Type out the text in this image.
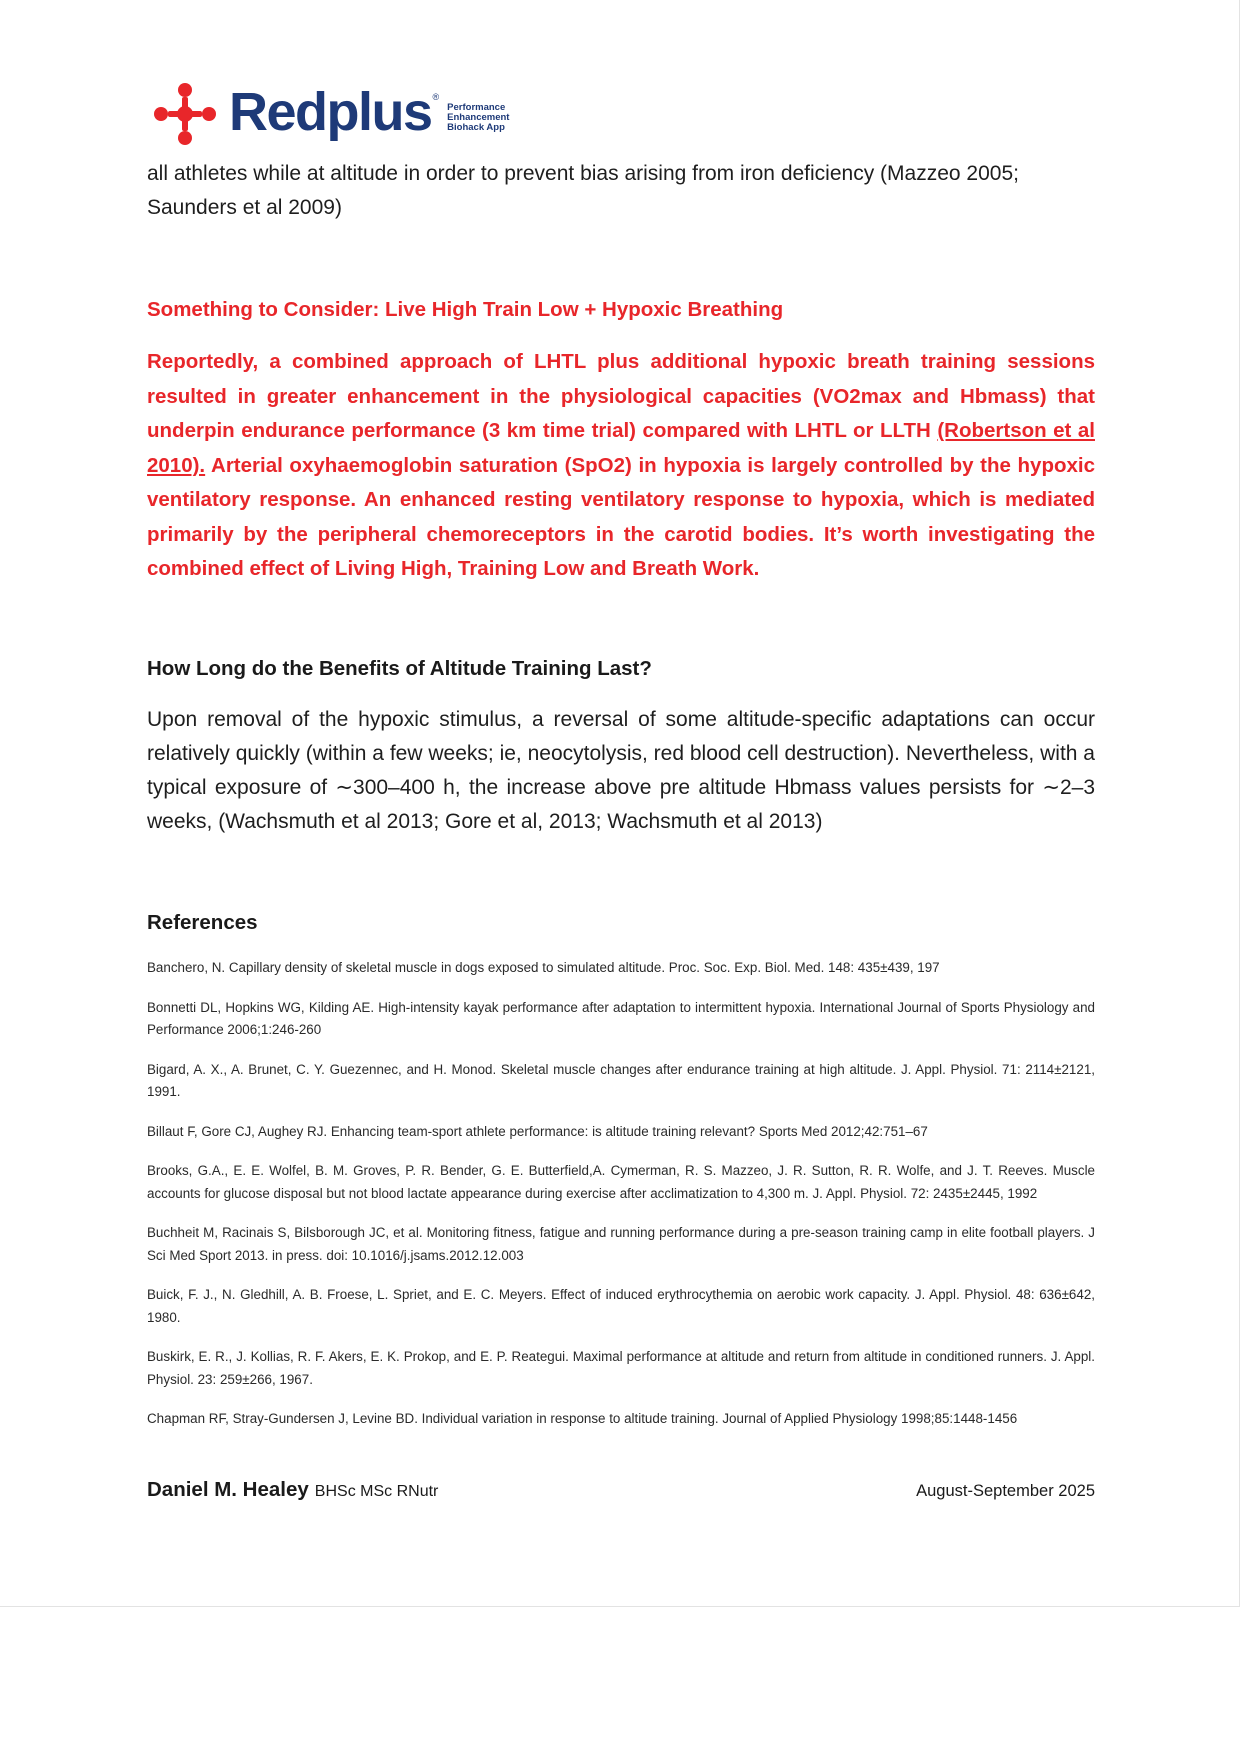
Redplus ®
Performance
Enhancement
Biohack App

all athletes while at altitude in order to prevent bias arising from iron deficiency (Mazzeo 2005; Saunders et al 2009)

Something to Consider: Live High Train Low + Hypoxic Breathing

Reportedly, a combined approach of LHTL plus additional hypoxic breath training sessions resulted in greater enhancement in the physiological capacities (VO2max and Hbmass) that underpin endurance performance (3 km time trial) compared with LHTL or LLTH (Robertson et al 2010). Arterial oxyhaemoglobin saturation (SpO2) in hypoxia is largely controlled by the hypoxic ventilatory response. An enhanced resting ventilatory response to hypoxia, which is mediated primarily by the peripheral chemoreceptors in the carotid bodies. It’s worth investigating the combined effect of Living High, Training Low and Breath Work.

How Long do the Benefits of Altitude Training Last?

Upon removal of the hypoxic stimulus, a reversal of some altitude-specific adaptations can occur relatively quickly (within a few weeks; ie, neocytolysis, red blood cell destruction). Nevertheless, with a typical exposure of ∼300–400 h, the increase above pre altitude Hbmass values persists for ∼2–3 weeks, (Wachsmuth et al 2013; Gore et al, 2013; Wachsmuth et al 2013)

References

Banchero, N. Capillary density of skeletal muscle in dogs exposed to simulated altitude. Proc. Soc. Exp. Biol. Med. 148: 435±439, 197

Bonnetti DL, Hopkins WG, Kilding AE. High-intensity kayak performance after adaptation to intermittent hypoxia. International Journal of Sports Physiology and Performance 2006;1:246-260

Bigard, A. X., A. Brunet, C. Y. Guezennec, and H. Monod. Skeletal muscle changes after endurance training at high altitude. J. Appl. Physiol. 71: 2114±2121, 1991.

Billaut F, Gore CJ, Aughey RJ. Enhancing team-sport athlete performance: is altitude training relevant? Sports Med 2012;42:751–67

Brooks, G.A., E. E. Wolfel, B. M. Groves, P. R. Bender, G. E. Butterfield,A. Cymerman, R. S. Mazzeo, J. R. Sutton, R. R. Wolfe, and J. T. Reeves. Muscle accounts for glucose disposal but not blood lactate appearance during exercise after acclimatization to 4,300 m. J. Appl. Physiol. 72: 2435±2445, 1992

Buchheit M, Racinais S, Bilsborough JC, et al. Monitoring fitness, fatigue and running performance during a pre-season training camp in elite football players. J Sci Med Sport 2013. in press. doi: 10.1016/j.jsams.2012.12.003

Buick, F. J., N. Gledhill, A. B. Froese, L. Spriet, and E. C. Meyers. Effect of induced erythrocythemia on aerobic work capacity. J. Appl. Physiol. 48: 636±642, 1980.

Buskirk, E. R., J. Kollias, R. F. Akers, E. K. Prokop, and E. P. Reategui. Maximal performance at altitude and return from altitude in conditioned runners. J. Appl. Physiol. 23: 259±266, 1967.

Chapman RF, Stray-Gundersen J, Levine BD. Individual variation in response to altitude training. Journal of Applied Physiology 1998;85:1448-1456

Daniel M. Healey BHSc MSc RNutr	August-September 2025
